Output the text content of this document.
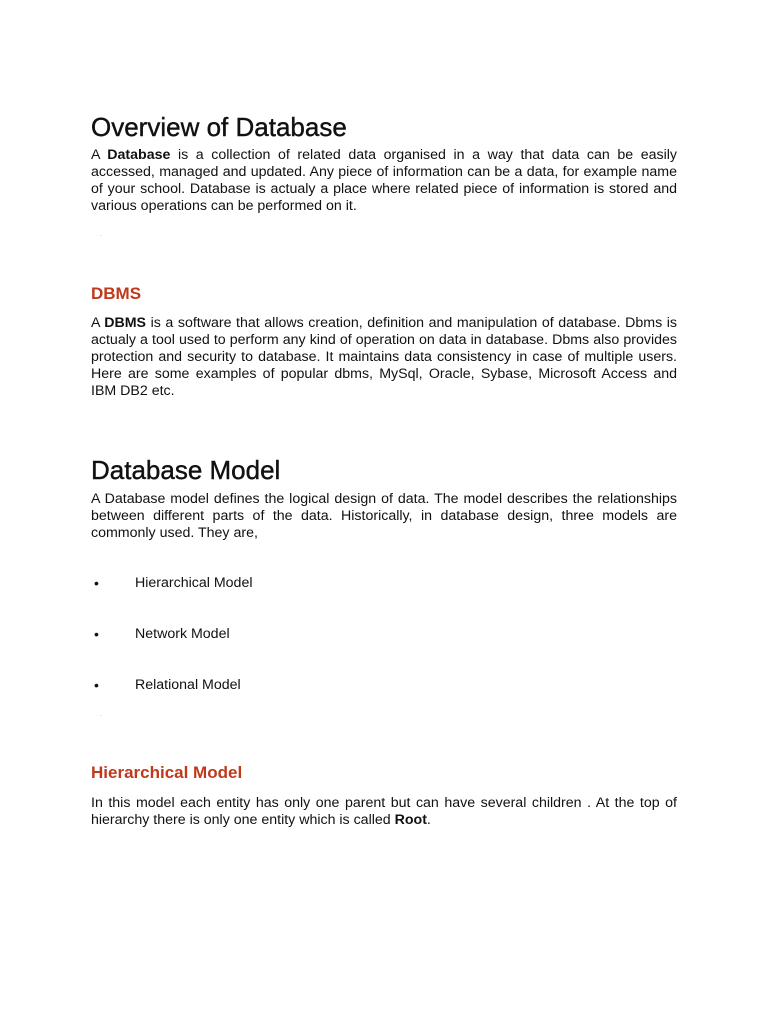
Overview of Database

A Database is a collection of related data organised in a way that data can be easily accessed, managed and updated. Any piece of information can be a data, for example name of your school. Database is actualy a place where related piece of information is stored and various operations can be performed on it.

.
DBMS

A DBMS is a software that allows creation, definition and manipulation of database. Dbms is actualy a tool used to perform any kind of operation on data in database. Dbms also provides protection and security to database. It maintains data consistency in case of multiple users. Here are some examples of popular dbms, MySql, Oracle, Sybase, Microsoft Access and IBM DB2 etc.

Database Model

A Database model defines the logical design of data. The model describes the relationships between different parts of the data. Historically, in database design, three models are commonly used. They are,

•	Hierarchical Model
•	Network Model
•	Relational Model
.
Hierarchical Model

In this model each entity has only one parent but can have several children . At the top of hierarchy there is only one entity which is called Root.
